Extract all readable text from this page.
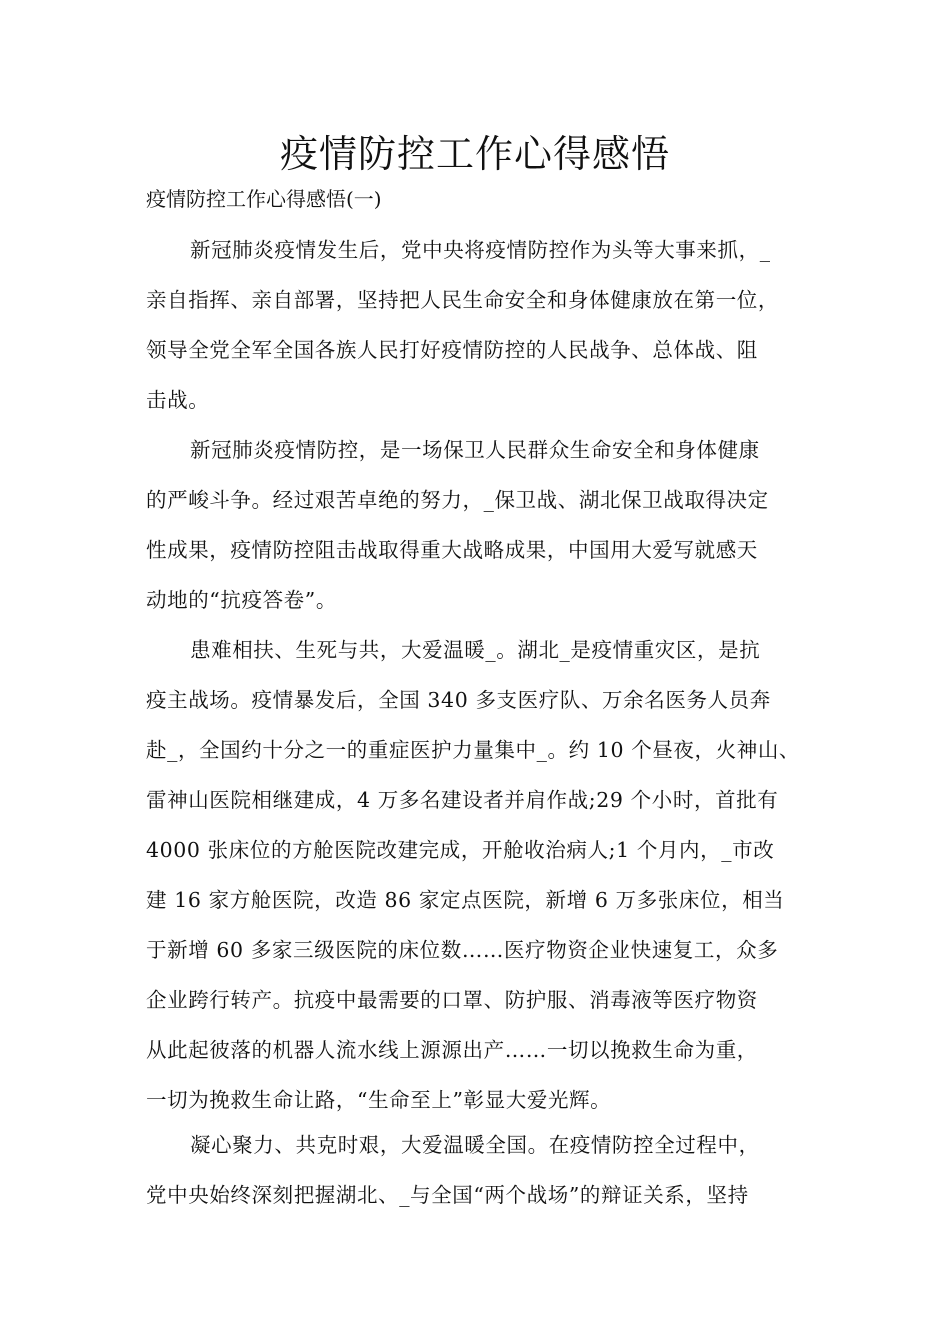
疫情防控工作心得感悟
疫情防控工作心得感悟(一)
新冠肺炎疫情发生后，党中央将疫情防控作为头等大事来抓，_
亲自指挥、亲自部署，坚持把人民生命安全和身体健康放在第一位，
领导全党全军全国各族人民打好疫情防控的人民战争、总体战、阻
击战。
新冠肺炎疫情防控，是一场保卫人民群众生命安全和身体健康
的严峻斗争。经过艰苦卓绝的努力，_保卫战、湖北保卫战取得决定
性成果，疫情防控阻击战取得重大战略成果，中国用大爱写就感天
动地的“抗疫答卷”。
患难相扶、生死与共，大爱温暖_。湖北_是疫情重灾区，是抗
疫主战场。疫情暴发后，全国 340 多支医疗队、万余名医务人员奔
赴_，全国约十分之一的重症医护力量集中_。约 10 个昼夜，火神山、
雷神山医院相继建成，4 万多名建设者并肩作战;29 个小时，首批有
4000 张床位的方舱医院改建完成，开舱收治病人;1 个月内，_市改
建 16 家方舱医院，改造 86 家定点医院，新增 6 万多张床位，相当
于新增 60 多家三级医院的床位数……医疗物资企业快速复工，众多
企业跨行转产。抗疫中最需要的口罩、防护服、消毒液等医疗物资
从此起彼落的机器人流水线上源源出产……一切以挽救生命为重，
一切为挽救生命让路，“生命至上”彰显大爱光辉。
凝心聚力、共克时艰，大爱温暖全国。在疫情防控全过程中，
党中央始终深刻把握湖北、_与全国“两个战场”的辩证关系，坚持
